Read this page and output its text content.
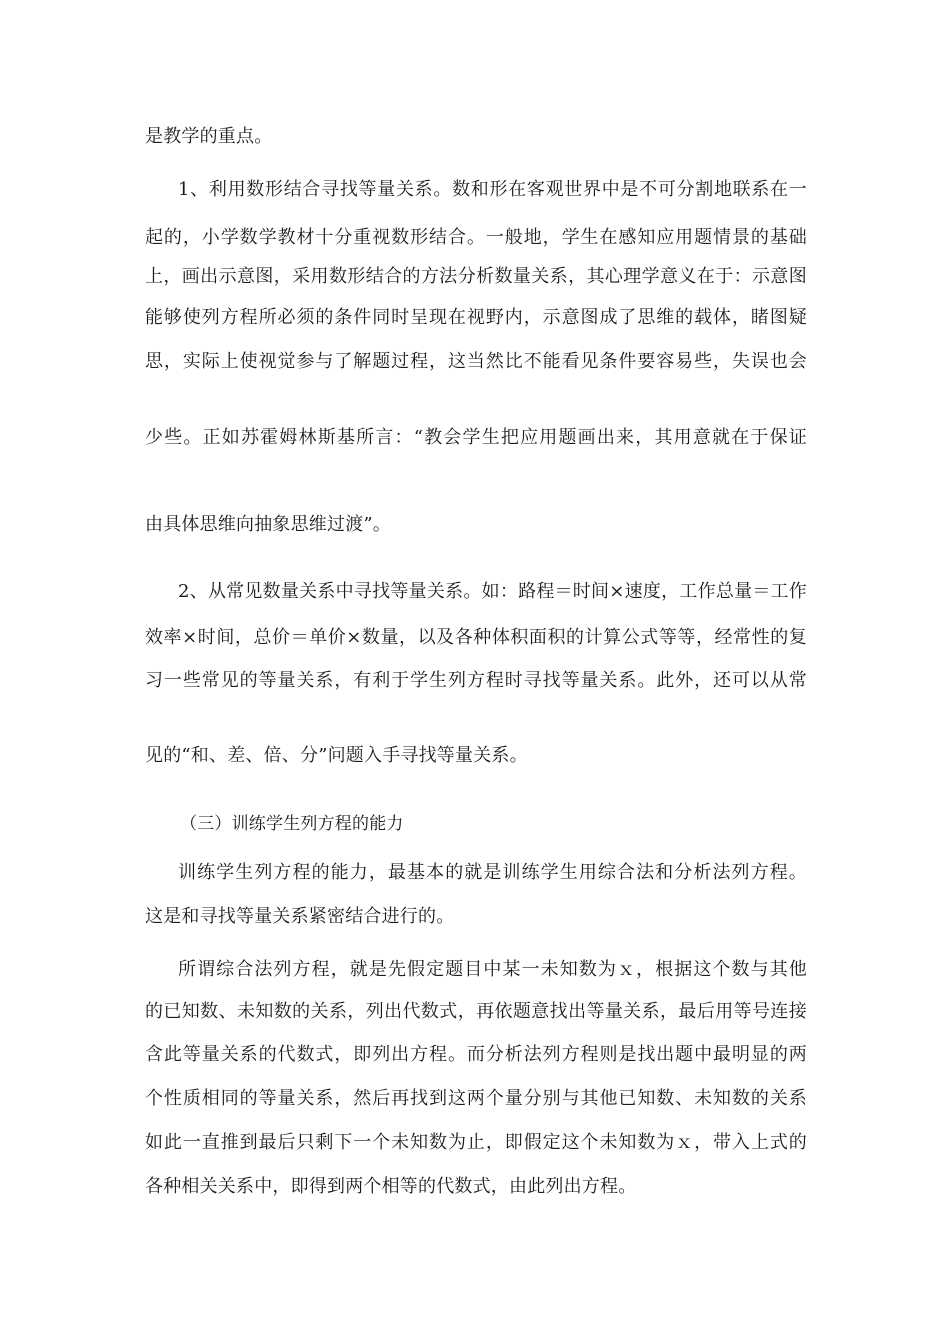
是教学的重点。
1、利用数形结合寻找等量关系。数和形在客观世界中是不可分割地联系在一
起的，小学数学教材十分重视数形结合。一般地，学生在感知应用题情景的基础
上，画出示意图，采用数形结合的方法分析数量关系，其心理学意义在于：示意图
能够使列方程所必须的条件同时呈现在视野内，示意图成了思维的载体，睹图疑
思，实际上使视觉参与了解题过程，这当然比不能看见条件要容易些，失误也会
少些。正如苏霍姆林斯基所言：“教会学生把应用题画出来，其用意就在于保证
由具体思维向抽象思维过渡”。
2、从常见数量关系中寻找等量关系。如：路程＝时间×速度，工作总量＝工作
效率×时间，总价＝单价×数量，以及各种体积面积的计算公式等等，经常性的复
习一些常见的等量关系，有利于学生列方程时寻找等量关系。此外，还可以从常
见的“和、差、倍、分”问题入手寻找等量关系。
（三）训练学生列方程的能力
训练学生列方程的能力，最基本的就是训练学生用综合法和分析法列方程。
这是和寻找等量关系紧密结合进行的。
所谓综合法列方程，就是先假定题目中某一未知数为ｘ，根据这个数与其他
的已知数、未知数的关系，列出代数式，再依题意找出等量关系，最后用等号连接
含此等量关系的代数式，即列出方程。而分析法列方程则是找出题中最明显的两
个性质相同的等量关系，然后再找到这两个量分别与其他已知数、未知数的关系
如此一直推到最后只剩下一个未知数为止，即假定这个未知数为ｘ，带入上式的
各种相关关系中，即得到两个相等的代数式，由此列出方程。
